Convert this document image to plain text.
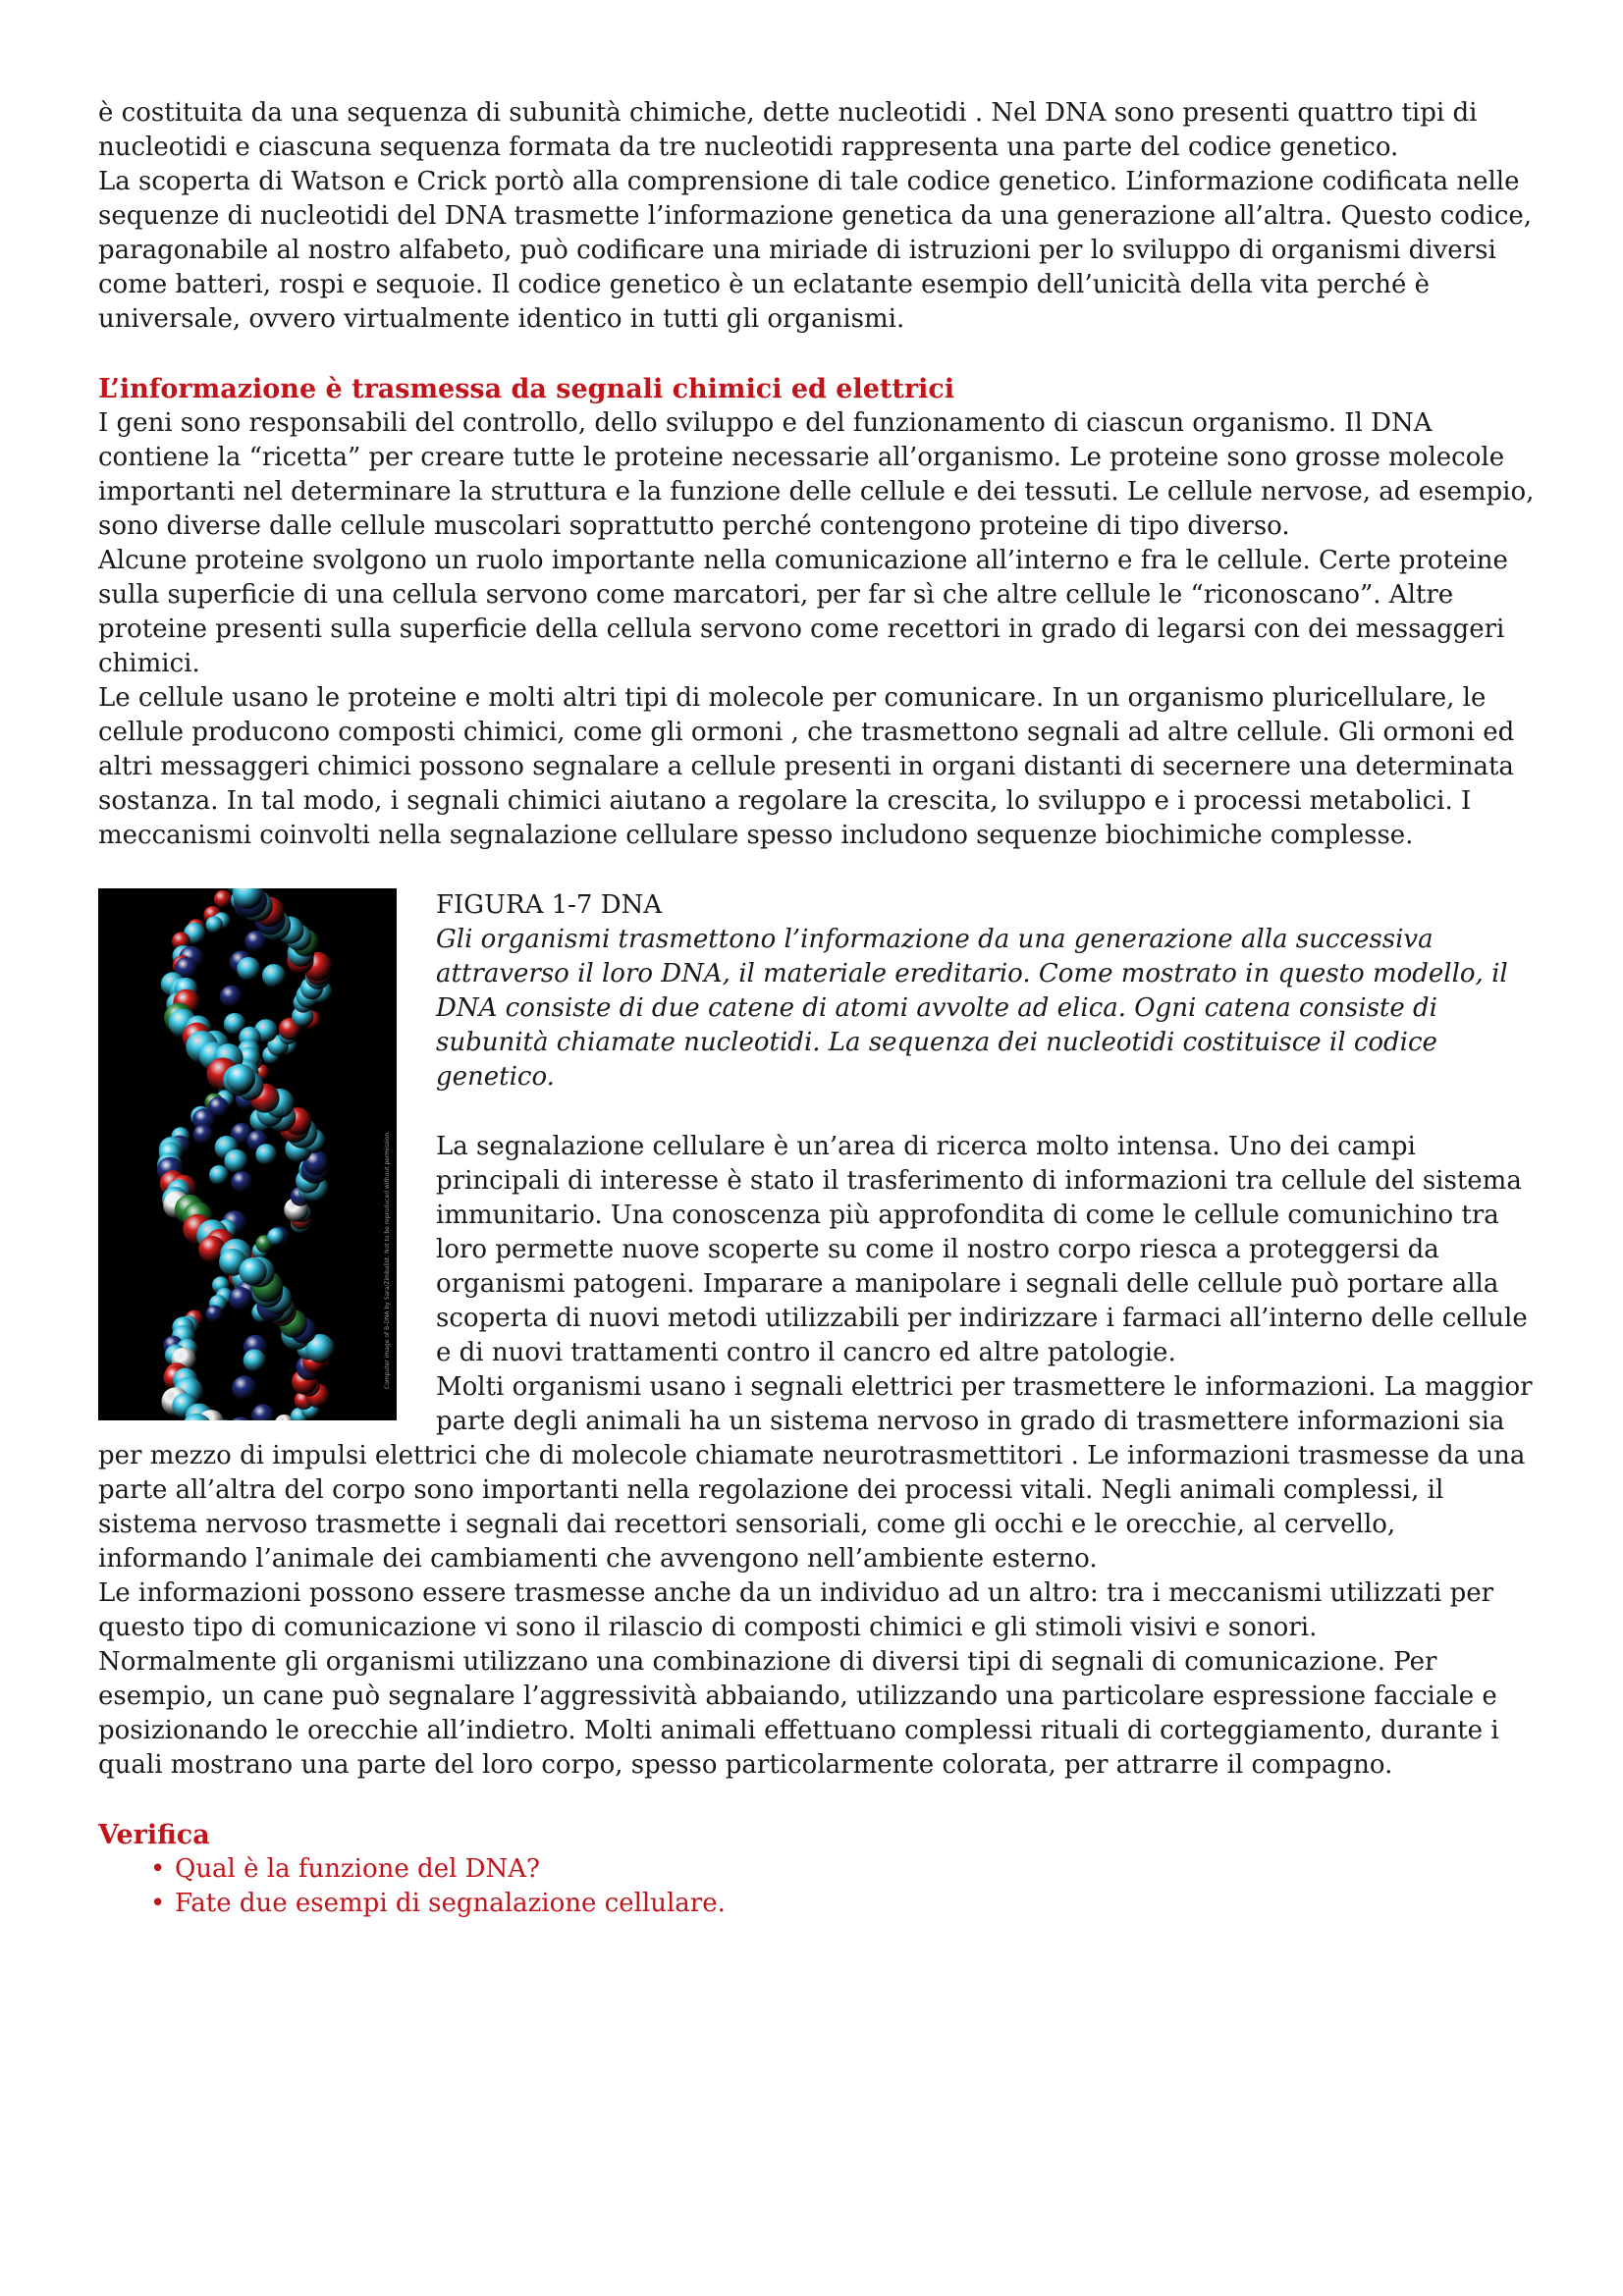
è costituita da una sequenza di subunità chimiche, dette nucleotidi . Nel DNA sono presenti quattro tipi di nucleotidi e ciascuna sequenza formata da tre nucleotidi rappresenta una parte del codice genetico.

La scoperta di Watson e Crick portò alla comprensione di tale codice genetico. L’informazione codificata nelle sequenze di nucleotidi del DNA trasmette l’informazione genetica da una generazione all’altra. Questo codice, paragonabile al nostro alfabeto, può codificare una miriade di istruzioni per lo sviluppo di organismi diversi come batteri, rospi e sequoie. Il codice genetico è un eclatante esempio dell’unicità della vita perché è universale, ovvero virtualmente identico in tutti gli organismi.

L’informazione è trasmessa da segnali chimici ed elettrici

I geni sono responsabili del controllo, dello sviluppo e del funzionamento di ciascun organismo. Il DNA contiene la “ricetta” per creare tutte le proteine necessarie all’organismo. Le proteine sono grosse molecole importanti nel determinare la struttura e la funzione delle cellule e dei tessuti. Le cellule nervose, ad esempio, sono diverse dalle cellule muscolari soprattutto perché contengono proteine di tipo diverso.

Alcune proteine svolgono un ruolo importante nella comunicazione all’interno e fra le cellule. Certe proteine sulla superficie di una cellula servono come marcatori, per far sì che altre cellule le “riconoscano”. Altre proteine presenti sulla superficie della cellula servono come recettori in grado di legarsi con dei messaggeri chimici.

Le cellule usano le proteine e molti altri tipi di molecole per comunicare. In un organismo pluricellulare, le cellule producono composti chimici, come gli ormoni , che trasmettono segnali ad altre cellule. Gli ormoni ed altri messaggeri chimici possono segnalare a cellule presenti in organi distanti di secernere una determinata sostanza. In tal modo, i segnali chimici aiutano a regolare la crescita, lo sviluppo e i processi metabolici. I meccanismi coinvolti nella segnalazione cellulare spesso includono sequenze biochimiche complesse.

Computer image of B-DNA by Sara/Zimbalist. Not to be reproduced without permission.

FIGURA 1-7 DNA

Gli organismi trasmettono l’informazione da una generazione alla successiva attraverso il loro DNA, il materiale ereditario. Come mostrato in questo modello, il DNA consiste di due catene di atomi avvolte ad elica. Ogni catena consiste di subunità chiamate nucleotidi. La sequenza dei nucleotidi costituisce il codice genetico.

La segnalazione cellulare è un’area di ricerca molto intensa. Uno dei campi principali di interesse è stato il trasferimento di informazioni tra cellule del sistema immunitario. Una conoscenza più approfondita di come le cellule comunichino tra loro permette nuove scoperte su come il nostro corpo riesca a proteggersi da organismi patogeni. Imparare a manipolare i segnali delle cellule può portare alla scoperta di nuovi metodi utilizzabili per indirizzare i farmaci all’interno delle cellule e di nuovi trattamenti contro il cancro ed altre patologie.

Molti organismi usano i segnali elettrici per trasmettere le informazioni. La maggior parte degli animali ha un sistema nervoso in grado di trasmettere informazioni sia per mezzo di impulsi elettrici che di molecole chiamate neurotrasmettitori . Le informazioni trasmesse da una parte all’altra del corpo sono importanti nella regolazione dei processi vitali. Negli animali complessi, il sistema nervoso trasmette i segnali dai recettori sensoriali, come gli occhi e le orecchie, al cervello, informando l’animale dei cambiamenti che avvengono nell’ambiente esterno.

Le informazioni possono essere trasmesse anche da un individuo ad un altro: tra i meccanismi utilizzati per questo tipo di comunicazione vi sono il rilascio di composti chimici e gli stimoli visivi e sonori.

Normalmente gli organismi utilizzano una combinazione di diversi tipi di segnali di comunicazione. Per esempio, un cane può segnalare l’aggressività abbaiando, utilizzando una particolare espressione facciale e posizionando le orecchie all’indietro. Molti animali effettuano complessi rituali di corteggiamento, durante i quali mostrano una parte del loro corpo, spesso particolarmente colorata, per attrarre il compagno.

Verifica
• Qual è la funzione del DNA?
• Fate due esempi di segnalazione cellulare.
